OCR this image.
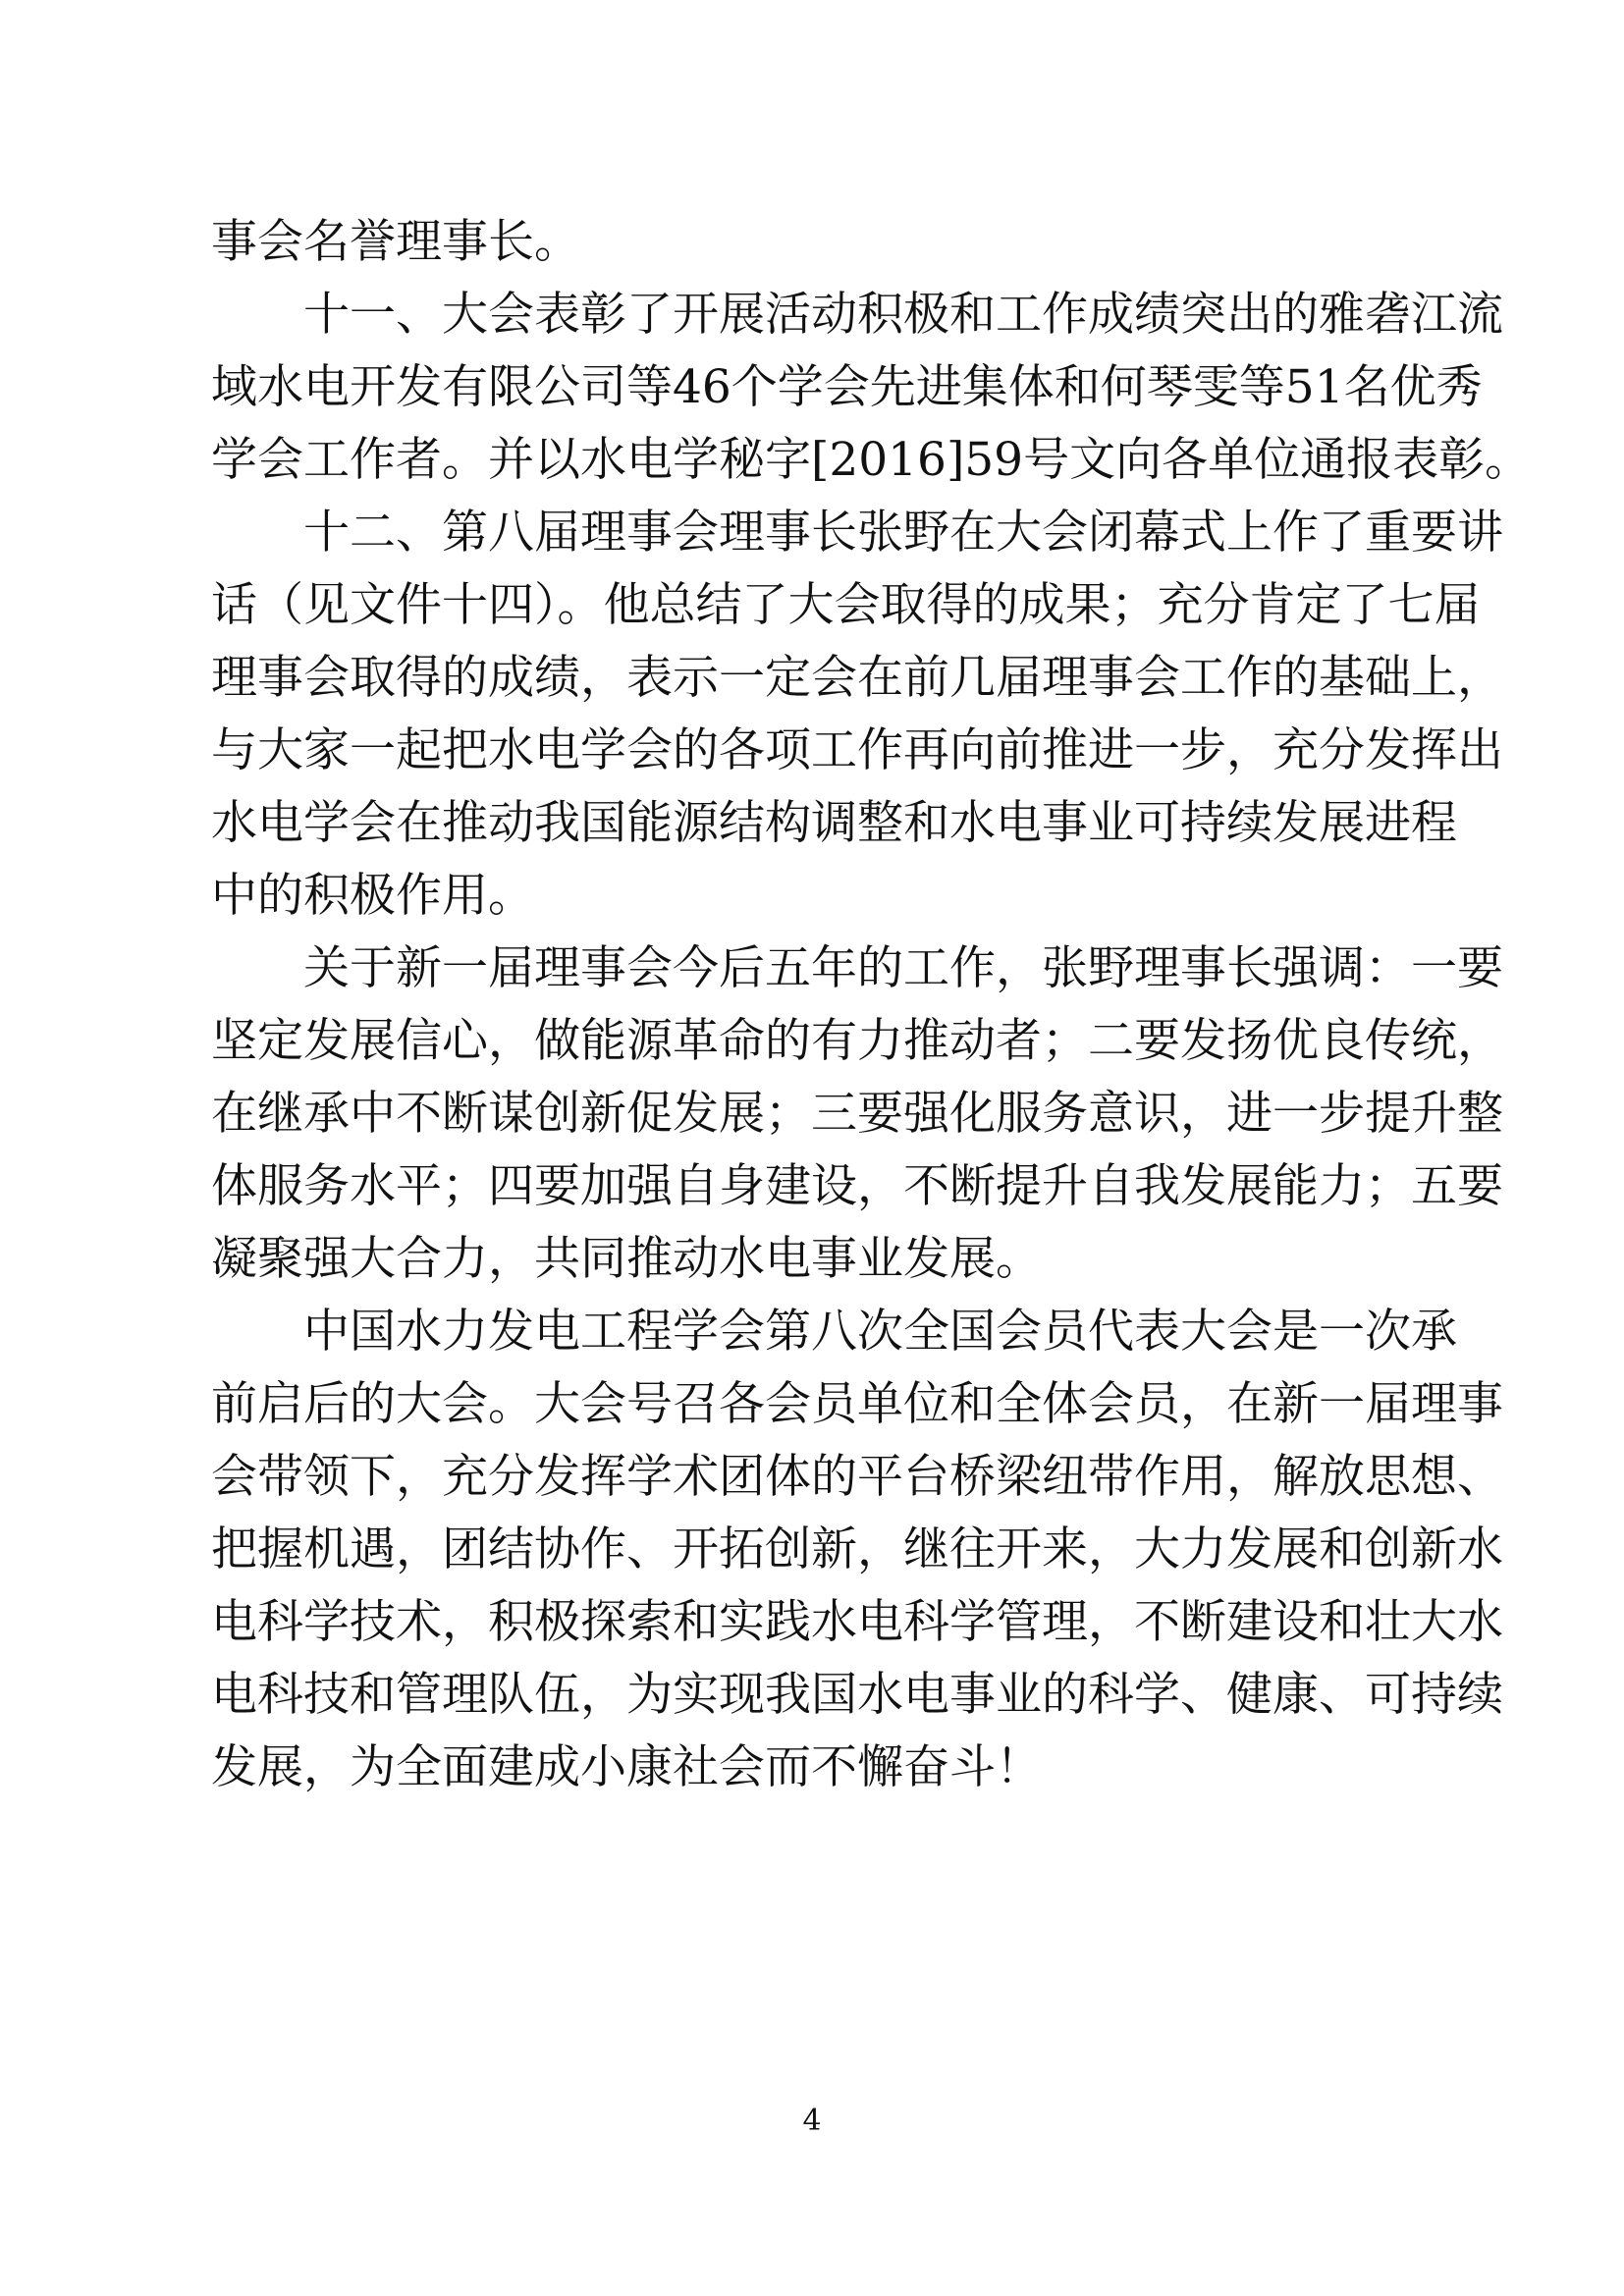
事会名誉理事长。
　　十一、大会表彰了开展活动积极和工作成绩突出的雅砻江流
域水电开发有限公司等46个学会先进集体和何琴雯等51名优秀
学会工作者。并以水电学秘字[2016]59号文向各单位通报表彰。
　　十二、第八届理事会理事长张野在大会闭幕式上作了重要讲
话（见文件十四）。他总结了大会取得的成果；充分肯定了七届
理事会取得的成绩，表示一定会在前几届理事会工作的基础上，
与大家一起把水电学会的各项工作再向前推进一步，充分发挥出
水电学会在推动我国能源结构调整和水电事业可持续发展进程
中的积极作用。
　　关于新一届理事会今后五年的工作，张野理事长强调：一要
坚定发展信心，做能源革命的有力推动者；二要发扬优良传统，
在继承中不断谋创新促发展；三要强化服务意识，进一步提升整
体服务水平；四要加强自身建设，不断提升自我发展能力；五要
凝聚强大合力，共同推动水电事业发展。
　　中国水力发电工程学会第八次全国会员代表大会是一次承
前启后的大会。大会号召各会员单位和全体会员，在新一届理事
会带领下，充分发挥学术团体的平台桥梁纽带作用，解放思想、
把握机遇，团结协作、开拓创新，继往开来，大力发展和创新水
电科学技术，积极探索和实践水电科学管理，不断建设和壮大水
电科技和管理队伍，为实现我国水电事业的科学、健康、可持续
发展，为全面建成小康社会而不懈奋斗！
4
